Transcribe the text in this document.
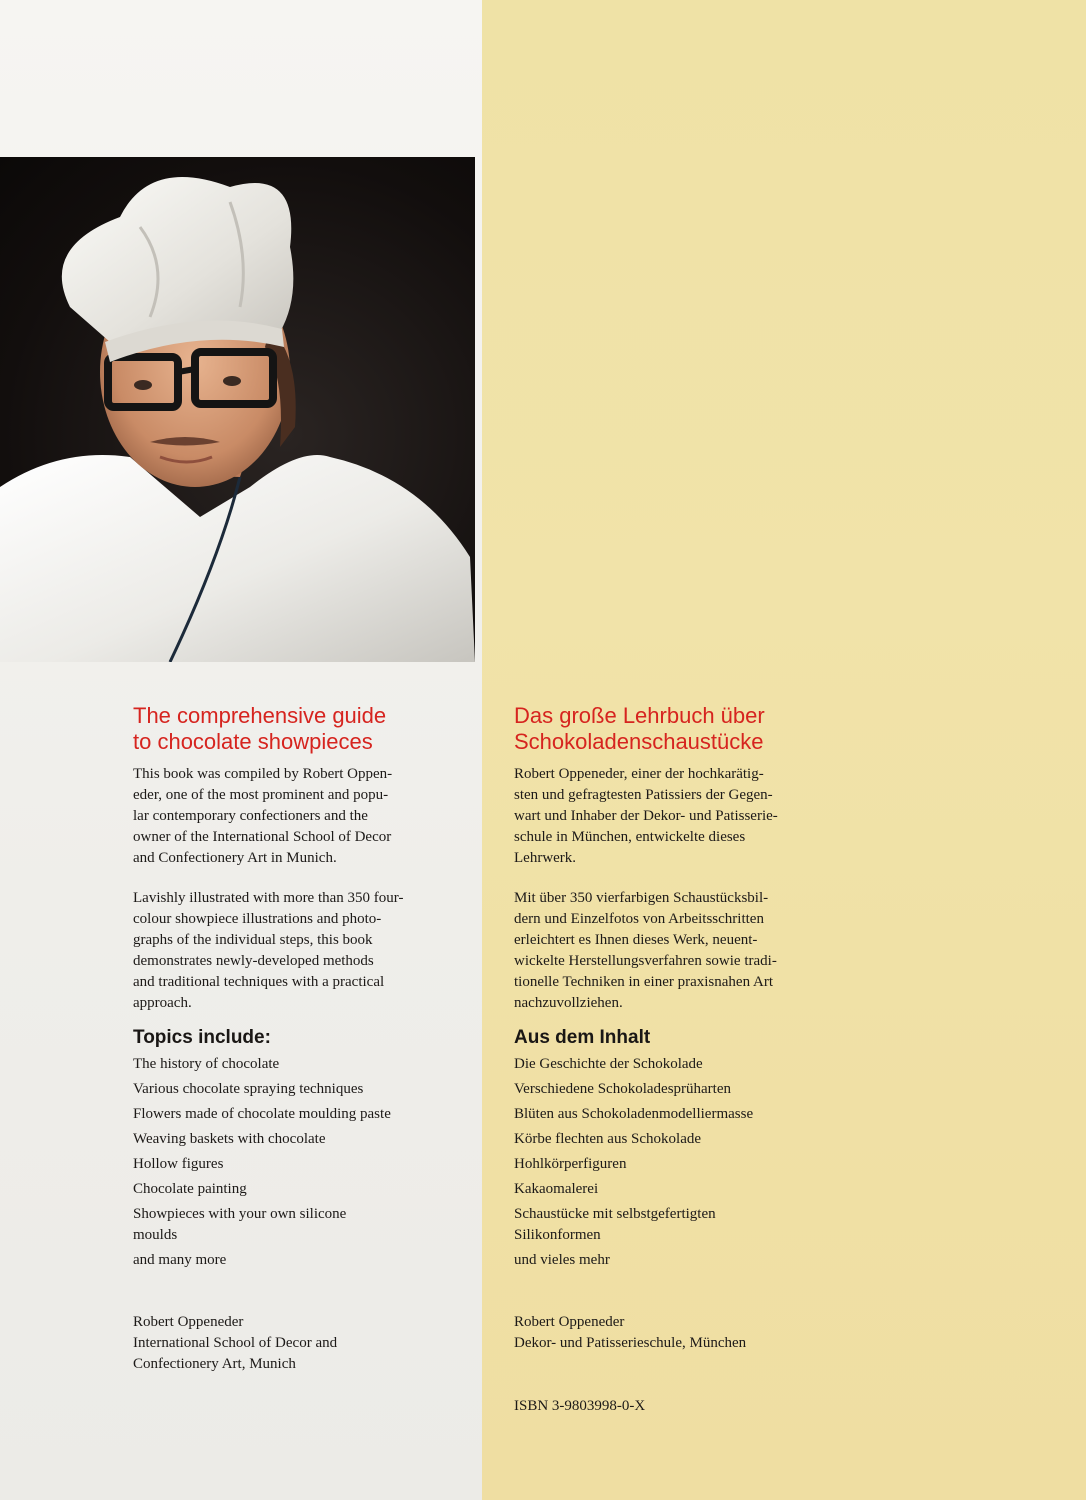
The comprehensive guide
to chocolate showpieces

This book was compiled by Robert Oppen-
eder, one of the most prominent and popu-
lar contemporary confectioners and the
owner of the International School of Decor
and Confectionery Art in Munich.

Lavishly illustrated with more than 350 four-
colour showpiece illustrations and photo-
graphs of the individual steps, this book
demonstrates newly-developed methods
and traditional techniques with a practical
approach.

Topics include:
The history of chocolate
Various chocolate spraying techniques
Flowers made of chocolate moulding paste
Weaving baskets with chocolate
Hollow figures
Chocolate painting
Showpieces with your own silicone moulds
and many more

Robert Oppeneder
International School of Decor and
Confectionery Art, Munich

Das große Lehrbuch über
Schokoladenschaustücke

Robert Oppeneder, einer der hochkarätig-
sten und gefragtesten Patissiers der Gegen-
wart und Inhaber der Dekor- und Patisserie-
schule in München, entwickelte dieses
Lehrwerk.

Mit über 350 vierfarbigen Schaustücksbil-
dern und Einzelfotos von Arbeitsschritten
erleichtert es Ihnen dieses Werk, neuent-
wickelte Herstellungsverfahren sowie tradi-
tionelle Techniken in einer praxisnahen Art
nachzuvollziehen.

Aus dem Inhalt
Die Geschichte der Schokolade
Verschiedene Schokoladesprüharten
Blüten aus Schokoladenmodelliermasse
Körbe flechten aus Schokolade
Hohlkörperfiguren
Kakaomalerei
Schaustücke mit selbstgefertigten Silikonformen
und vieles mehr

Robert Oppeneder
Dekor- und Patisserieschule, München

ISBN 3-9803998-0-X
